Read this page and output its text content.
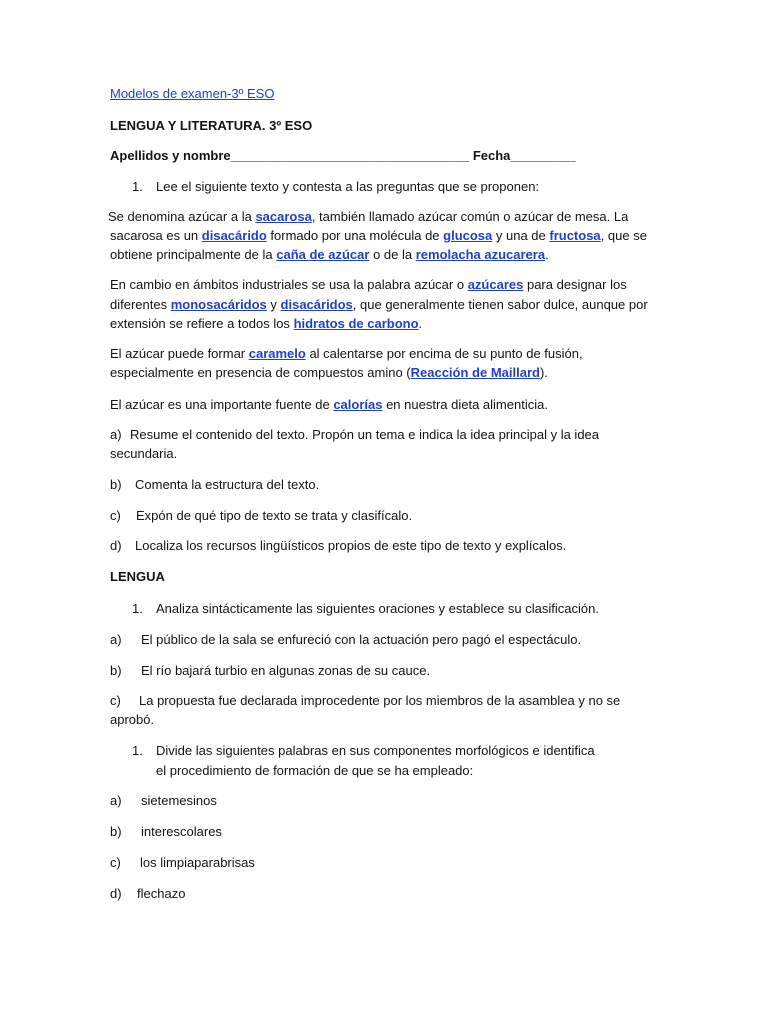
Modelos de examen-3º ESO
LENGUA Y LITERATURA. 3º ESO
Apellidos y nombre_________________________________ Fecha_________
1. Lee el siguiente texto y contesta a las preguntas que se proponen:
Se denomina azúcar a la sacarosa, también llamado azúcar común o azúcar de mesa. La
sacarosa es un disacárido formado por una molécula de glucosa y una de fructosa, que se
obtiene principalmente de la caña de azúcar o de la remolacha azucarera.
En cambio en ámbitos industriales se usa la palabra azúcar o azúcares para designar los
diferentes monosacáridos y disacáridos, que generalmente tienen sabor dulce, aunque por
extensión se refiere a todos los hidratos de carbono.
El azúcar puede formar caramelo al calentarse por encima de su punto de fusión,
especialmente en presencia de compuestos amino (Reacción de Maillard).
El azúcar es una importante fuente de calorías en nuestra dieta alimenticia.
a) Resume el contenido del texto. Propón un tema e indica la idea principal y la idea
secundaria.
b) Comenta la estructura del texto.
c) Expón de qué tipo de texto se trata y clasifícalo.
d) Localiza los recursos lingüísticos propios de este tipo de texto y explícalos.
LENGUA
1. Analiza sintácticamente las siguientes oraciones y establece su clasificación.
a) El público de la sala se enfureció con la actuación pero pagó el espectáculo.
b) El río bajará turbio en algunas zonas de su cauce.
c) La propuesta fue declarada improcedente por los miembros de la asamblea y no se
aprobó.
1. Divide las siguientes palabras en sus componentes morfológicos e identifica
el procedimiento de formación de que se ha empleado:
a) sietemesinos
b) interescolares
c) los limpiaparabrisas
d) flechazo
